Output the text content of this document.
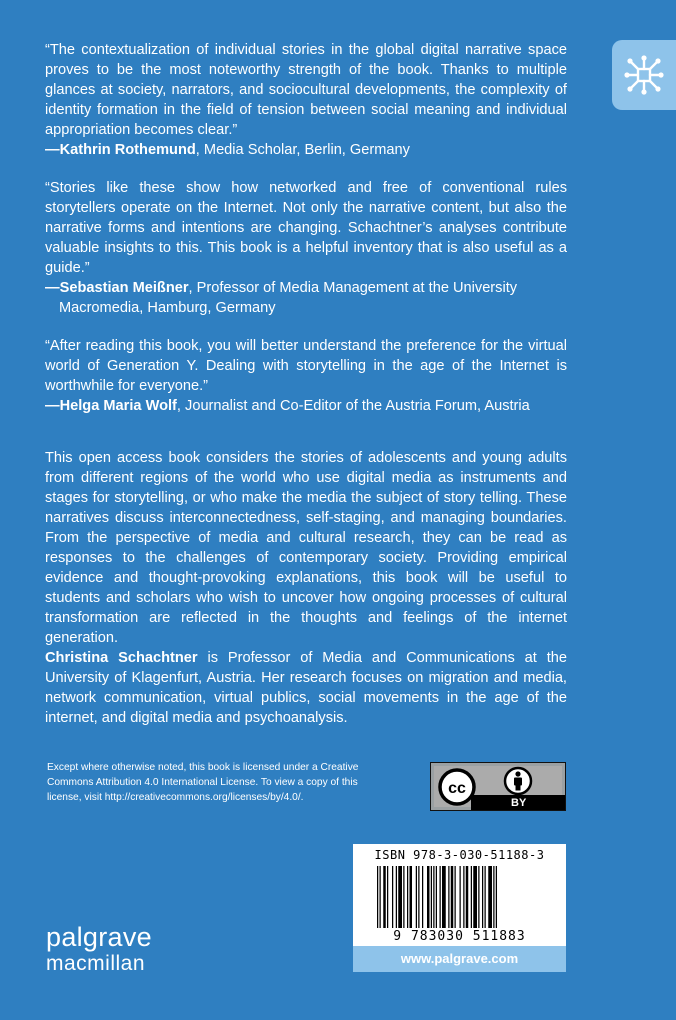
“The contextualization of individual stories in the global digital narrative space proves to be the most noteworthy strength of the book. Thanks to multiple glances at society, narrators, and sociocultural developments, the complexity of identity formation in the field of tension between social meaning and individual appropriation becomes clear.”

—Kathrin Rothemund, Media Scholar, Berlin, Germany

“Stories like these show how networked and free of conventional rules storytellers operate on the Internet. Not only the narrative content, but also the narrative forms and intentions are changing. Schachtner’s analyses contribute valuable insights to this. This book is a helpful inventory that is also useful as a guide.”

—Sebastian Meißner, Professor of Media Management at the University

Macromedia, Hamburg, Germany

“After reading this book, you will better understand the preference for the virtual world of Generation Y. Dealing with storytelling in the age of the Internet is worthwhile for everyone.”

—Helga Maria Wolf, Journalist and Co-Editor of the Austria Forum, Austria

This open access book considers the stories of adolescents and young adults from different regions of the world who use digital media as instruments and stages for storytelling, or who make the media the subject of story telling. These narratives discuss interconnectedness, self-staging, and managing boundaries. From the perspective of media and cultural research, they can be read as responses to the challenges of contemporary society. Providing empirical evidence and thought-provoking explanations, this book will be useful to students and scholars who wish to uncover how ongoing processes of cultural transformation are reflected in the thoughts and feelings of the internet generation.

Christina Schachtner is Professor of Media and Communications at the University of Klagenfurt, Austria. Her research focuses on migration and media, network communication, virtual publics, social movements in the age of the internet, and digital media and psychoanalysis.

Except where otherwise noted, this book is licensed under a Creative Commons Attribution 4.0 International License. To view a copy of this license, visit http://creativecommons.org/licenses/by/4.0/.

cc
BY
ISBN 978-3-030-51188-3
9 783030 511883
www.palgrave.com
palgrave
macmillan
